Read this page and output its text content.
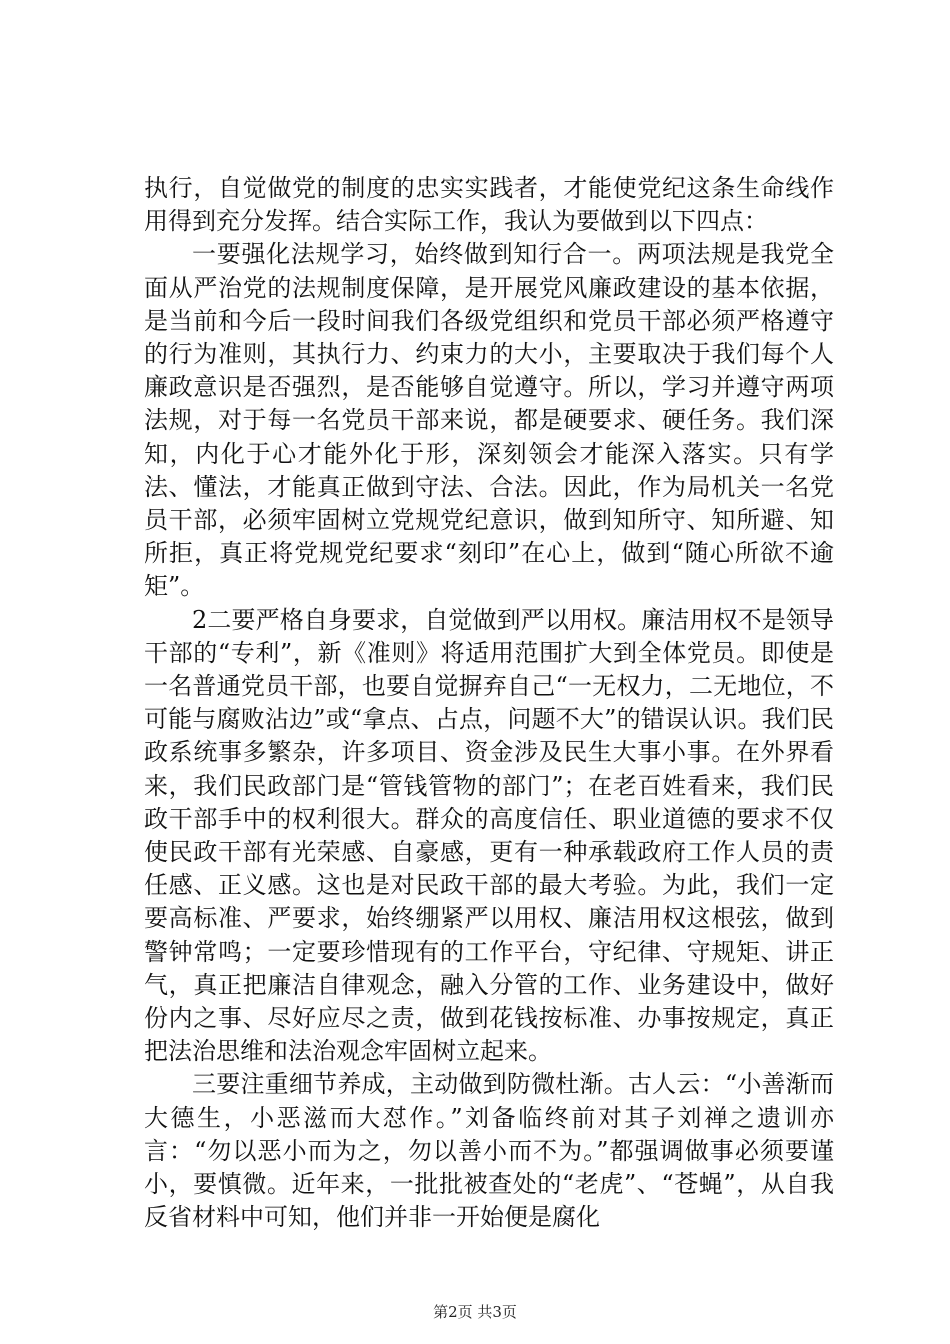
执行，自觉做党的制度的忠实实践者，才能使党纪这条生命线作用得到充分发挥。结合实际工作，我认为要做到以下四点：

一要强化法规学习，始终做到知行合一。两项法规是我党全面从严治党的法规制度保障，是开展党风廉政建设的基本依据，是当前和今后一段时间我们各级党组织和党员干部必须严格遵守的行为准则，其执行力、约束力的大小，主要取决于我们每个人廉政意识是否强烈，是否能够自觉遵守。所以，学习并遵守两项法规，对于每一名党员干部来说，都是硬要求、硬任务。我们深知，内化于心才能外化于形，深刻领会才能深入落实。只有学法、懂法，才能真正做到守法、合法。因此，作为局机关一名党员干部，必须牢固树立党规党纪意识，做到知所守、知所避、知所拒，真正将党规党纪要求“刻印”在心上，做到“随心所欲不逾矩”。

2二要严格自身要求，自觉做到严以用权。廉洁用权不是领导干部的“专利”，新《准则》将适用范围扩大到全体党员。即使是一名普通党员干部，也要自觉摒弃自己“一无权力，二无地位，不可能与腐败沾边”或“拿点、占点，问题不大”的错误认识。我们民政系统事多繁杂，许多项目、资金涉及民生大事小事。在外界看来，我们民政部门是“管钱管物的部门”；在老百姓看来，我们民政干部手中的权利很大。群众的高度信任、职业道德的要求不仅使民政干部有光荣感、自豪感，更有一种承载政府工作人员的责任感、正义感。这也是对民政干部的最大考验。为此，我们一定要高标准、严要求，始终绷紧严以用权、廉洁用权这根弦，做到警钟常鸣；一定要珍惜现有的工作平台，守纪律、守规矩、讲正气，真正把廉洁自律观念，融入分管的工作、业务建设中，做好份内之事、尽好应尽之责，做到花钱按标准、办事按规定，真正把法治思维和法治观念牢固树立起来。

三要注重细节养成，主动做到防微杜渐。古人云：“小善渐而大德生，小恶滋而大怼作。”刘备临终前对其子刘禅之遗训亦言：“勿以恶小而为之，勿以善小而不为。”都强调做事必须要谨小，要慎微。近年来，一批批被查处的“老虎”、“苍蝇”，从自我反省材料中可知，他们并非一开始便是腐化

第2页 共3页
